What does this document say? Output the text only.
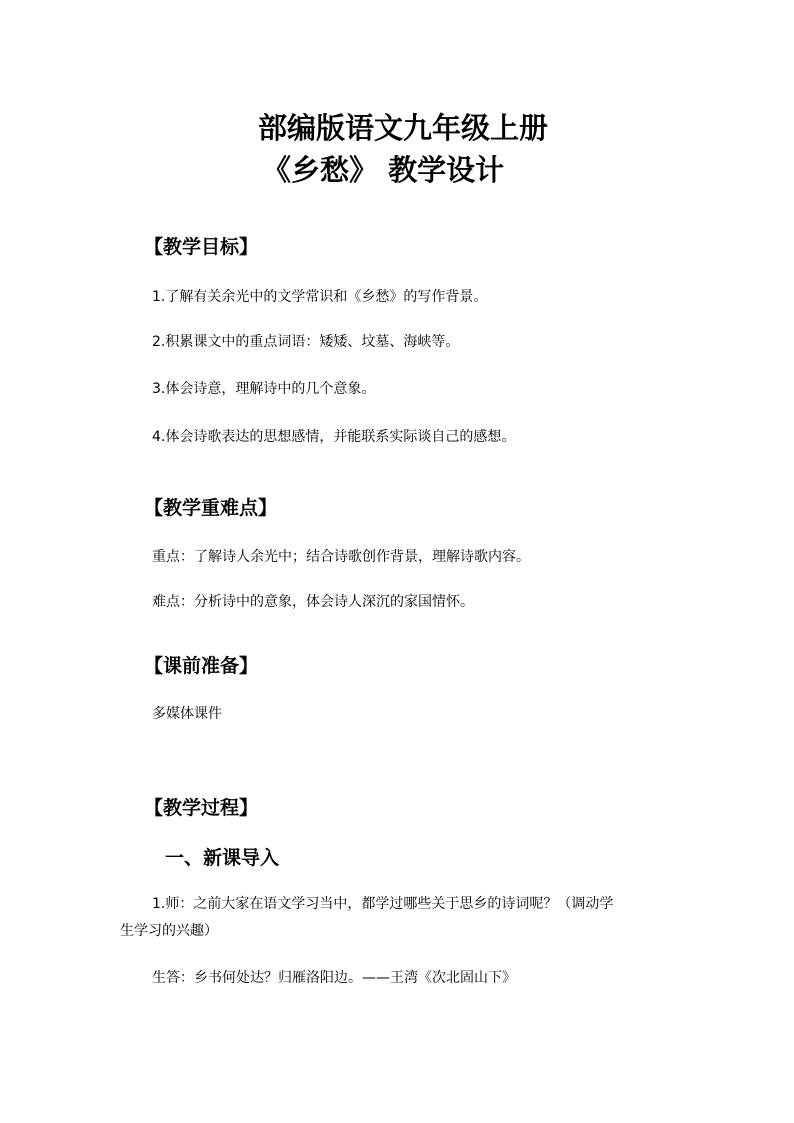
部编版语文九年级上册
《乡愁》 教学设计
【教学目标】
1.了解有关余光中的文学常识和《乡愁》的写作背景。
2.积累课文中的重点词语：矮矮、坟墓、海峡等。
3.体会诗意，理解诗中的几个意象。
4.体会诗歌表达的思想感情，并能联系实际谈自己的感想。
【教学重难点】
重点：了解诗人余光中；结合诗歌创作背景，理解诗歌内容。
难点：分析诗中的意象，体会诗人深沉的家国情怀。
【课前准备】
多媒体课件
【教学过程】
一、新课导入
1.师：之前大家在语文学习当中，都学过哪些关于思乡的诗词呢？（调动学
生学习的兴趣）
生答：乡书何处达？归雁洛阳边。——王湾《次北固山下》
